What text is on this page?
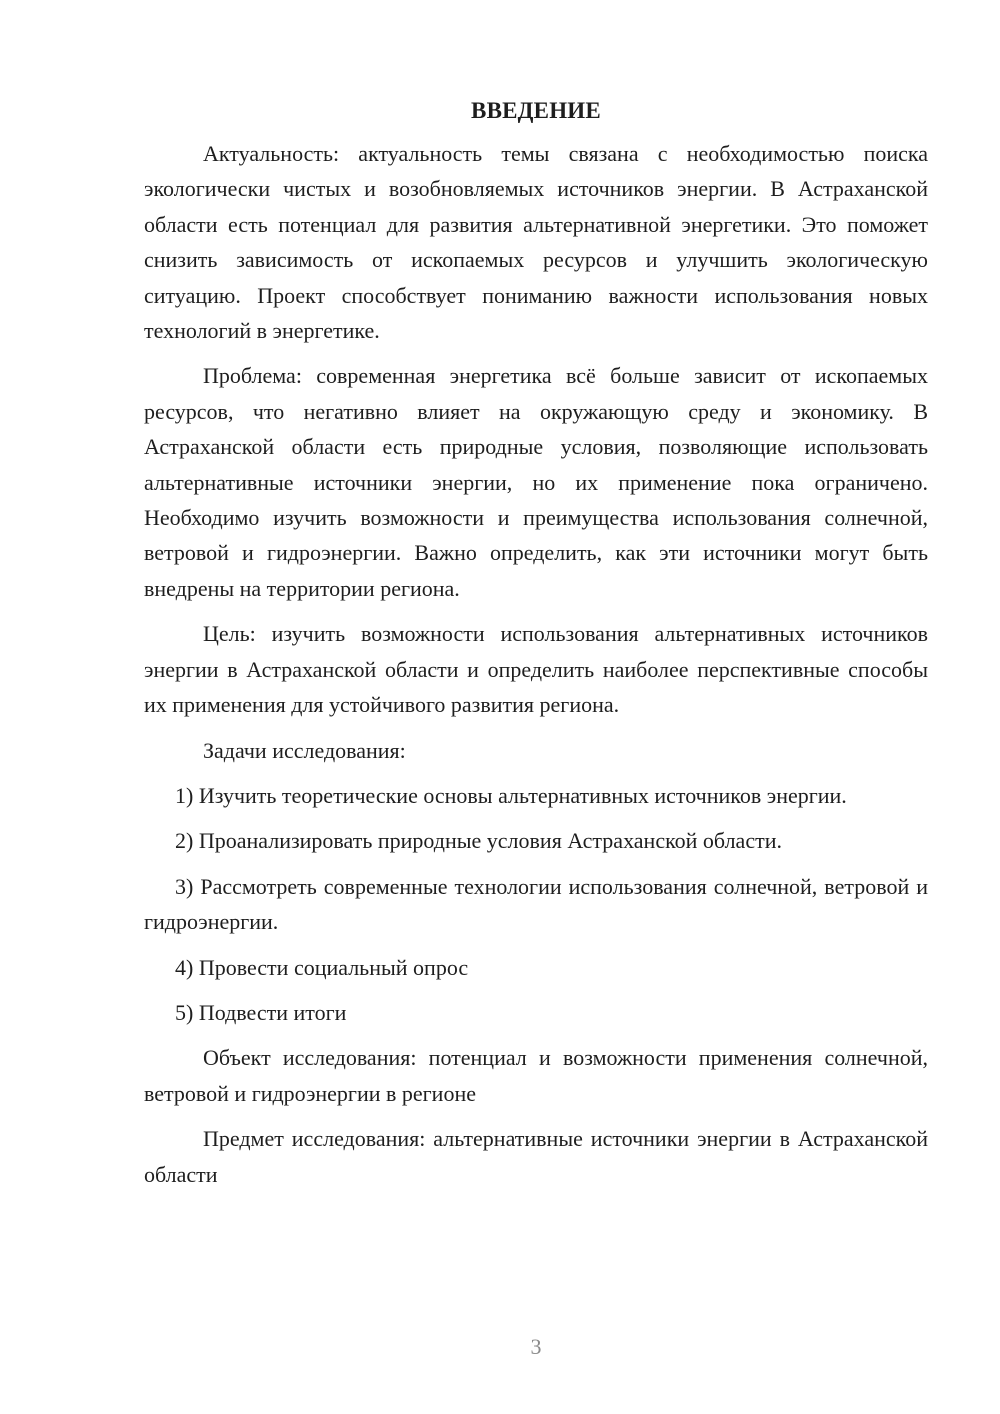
ВВЕДЕНИЕ

Актуальность: актуальность темы связана с необходимостью поиска экологически чистых и возобновляемых источников энергии. В Астраханской области есть потенциал для развития альтернативной энергетики. Это поможет снизить зависимость от ископаемых ресурсов и улучшить экологическую ситуацию. Проект способствует пониманию важности использования новых технологий в энергетике.

Проблема: современная энергетика всё больше зависит от ископаемых ресурсов, что негативно влияет на окружающую среду и экономику. В Астраханской области есть природные условия, позволяющие использовать альтернативные источники энергии, но их применение пока ограничено. Необходимо изучить возможности и преимущества использования солнечной, ветровой и гидроэнергии. Важно определить, как эти источники могут быть внедрены на территории региона.

Цель: изучить возможности использования альтернативных источников энергии в Астраханской области и определить наиболее перспективные способы их применения для устойчивого развития региона.

Задачи исследования:

1) Изучить теоретические основы альтернативных источников энергии.

2) Проанализировать природные условия Астраханской области.

3) Рассмотреть современные технологии использования солнечной, ветровой и гидроэнергии.

4) Провести социальный опрос

5) Подвести итоги

Объект исследования: потенциал и возможности применения солнечной, ветровой и гидроэнергии в регионе

Предмет исследования: альтернативные источники энергии в Астраханской области

3
